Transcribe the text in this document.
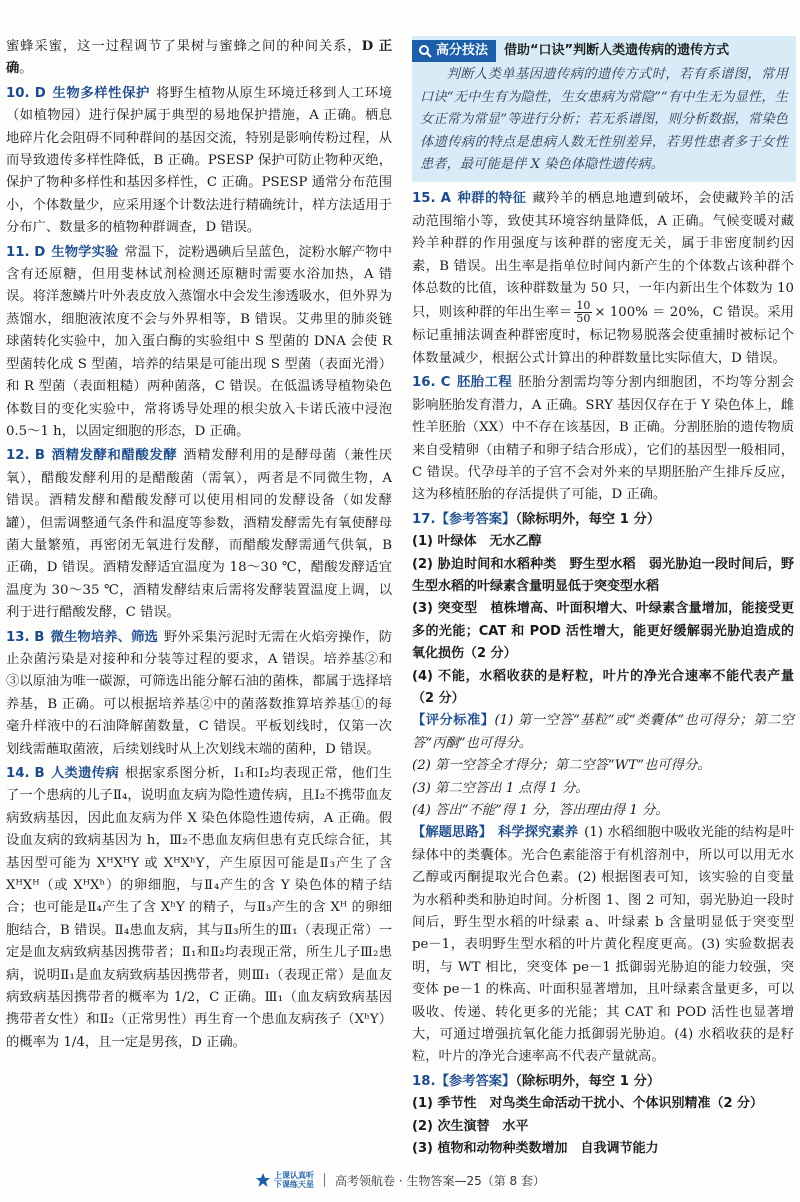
蜜蜂采蜜，这一过程调节了果树与蜜蜂之间的种间关系，D 正确。

10. D 生物多样性保护 将野生植物从原生环境迁移到人工环境（如植物园）进行保护属于典型的易地保护措施，A 正确。栖息地碎片化会阻碍不同种群间的基因交流，特别是影响传粉过程，从而导致遗传多样性降低，B 正确。PSESP 保护可防止物种灭绝，保护了物种多样性和基因多样性，C 正确。PSESP 通常分布范围小，个体数量少，应采用逐个计数法进行精确统计，样方法适用于分布广、数量多的植物种群调查，D 错误。

11. D 生物学实验 常温下，淀粉遇碘后呈蓝色，淀粉水解产物中含有还原糖，但用斐林试剂检测还原糖时需要水浴加热，A 错误。将洋葱鳞片叶外表皮放入蒸馏水中会发生渗透吸水，但外界为蒸馏水，细胞液浓度不会与外界相等，B 错误。艾弗里的肺炎链球菌转化实验中，加入蛋白酶的实验组中 S 型菌的 DNA 会使 R 型菌转化成 S 型菌，培养的结果是可能出现 S 型菌（表面光滑）和 R 型菌（表面粗糙）两种菌落，C 错误。在低温诱导植物染色体数目的变化实验中，常将诱导处理的根尖放入卡诺氏液中浸泡 0.5～1 h，以固定细胞的形态，D 正确。

12. B 酒精发酵和醋酸发酵 酒精发酵利用的是酵母菌（兼性厌氧），醋酸发酵利用的是醋酸菌（需氧），两者是不同微生物，A 错误。酒精发酵和醋酸发酵可以使用相同的发酵设备（如发酵罐），但需调整通气条件和温度等参数，酒精发酵需先有氧使酵母菌大量繁殖，再密闭无氧进行发酵，而醋酸发酵需通气供氧，B 正确，D 错误。酒精发酵适宜温度为 18～30 ℃，醋酸发酵适宜温度为 30～35 ℃，酒精发酵结束后需将发酵装置温度上调，以利于进行醋酸发酵，C 错误。

13. B 微生物培养、筛选 野外采集污泥时无需在火焰旁操作，防止杂菌污染是对接种和分装等过程的要求，A 错误。培养基②和③以原油为唯一碳源，可筛选出能分解石油的菌株，都属于选择培养基，B 正确。可以根据培养基②中的菌落数推算培养基①的每毫升样液中的石油降解菌数量，C 错误。平板划线时，仅第一次划线需蘸取菌液，后续划线时从上次划线末端的菌种，D 错误。

14. B 人类遗传病 根据家系图分析，Ⅰ₁和Ⅰ₂均表现正常，他们生了一个患病的儿子Ⅱ₄，说明血友病为隐性遗传病，且Ⅰ₂不携带血友病致病基因，因此血友病为伴 X 染色体隐性遗传病，A 正确。假设血友病的致病基因为 h，Ⅲ₂不患血友病但患有克氏综合征，其基因型可能为 XᴴXᴴY 或 XᴴXʰY，产生原因可能是Ⅱ₃产生了含 XᴴXᴴ（或 XᴴXʰ）的卵细胞，与Ⅱ₄产生的含 Y 染色体的精子结合；也可能是Ⅱ₄产生了含 XʰY 的精子，与Ⅱ₃产生的含 Xᴴ 的卵细胞结合，B 错误。Ⅱ₄患血友病，其与Ⅱ₃所生的Ⅲ₁（表现正常）一定是血友病致病基因携带者；Ⅱ₁和Ⅱ₂均表现正常，所生儿子Ⅲ₂患病，说明Ⅱ₁是血友病致病基因携带者，则Ⅲ₁（表现正常）是血友病致病基因携带者的概率为 1/2，C 正确。Ⅲ₁（血友病致病基因携带者女性）和Ⅱ₂（正常男性）再生育一个患血友病孩子（XʰY）的概率为 1/4，且一定是男孩，D 正确。

高分技法 借助“口诀”判断人类遗传病的遗传方式

判断人类单基因遗传病的遗传方式时，若有系谱图，常用口诀“无中生有为隐性，生女患病为常隐”“有中生无为显性，生女正常为常显”等进行分析；若无系谱图，则分析数据，常染色体遗传病的特点是患病人数无性别差异，若男性患者多于女性患者，最可能是伴 X 染色体隐性遗传病。

15. A 种群的特征 藏羚羊的栖息地遭到破坏，会使藏羚羊的活动范围缩小等，致使其环境容纳量降低，A 正确。气候变暖对藏羚羊种群的作用强度与该种群的密度无关，属于非密度制约因素，B 错误。出生率是指单位时间内新产生的个体数占该种群个体总数的比值，该种群数量为 50 只，一年内新出生个体数为 10 只，则该种群的年出生率＝ $\frac{10}{50} \times 100\% = 20\%$，C 错误。采用标记重捕法调查种群密度时，标记物易脱落会使重捕时被标记个体数量减少，根据公式计算出的种群数量比实际值大，D 错误。

16. C 胚胎工程 胚胎分割需均等分割内细胞团，不均等分割会影响胚胎发育潜力，A 正确。SRY 基因仅存在于 Y 染色体上，雌性羊胚胎（XX）中不存在该基因，B 正确。分割胚胎的遗传物质来自受精卵（由精子和卵子结合形成），它们的基因型一般相同，C 错误。代孕母羊的子宫不会对外来的早期胚胎产生排斥反应，这为移植胚胎的存活提供了可能，D 正确。

17.【参考答案】（除标明外，每空 1 分）

(1) 叶绿体　无水乙醇

(2) 胁迫时间和水稻种类　野生型水稻　弱光胁迫一段时间后，野生型水稻的叶绿素含量明显低于突变型水稻

(3) 突变型　植株增高、叶面积增大、叶绿素含量增加，能接受更多的光能；CAT 和 POD 活性增大，能更好缓解弱光胁迫造成的氧化损伤（2 分）

(4) 不能，水稻收获的是籽粒，叶片的净光合速率不能代表产量（2 分）

【评分标准】(1) 第一空答“基粒”或“类囊体”也可得分；第二空答“丙酮”也可得分。

(2) 第一空答全才得分；第二空答“WT”也可得分。

(3) 第二空答出 1 点得 1 分。

(4) 答出“不能”得 1 分，答出理由得 1 分。

【解题思路】 科学探究素养 (1) 水稻细胞中吸收光能的结构是叶绿体中的类囊体。光合色素能溶于有机溶剂中，所以可以用无水乙醇或丙酮提取光合色素。(2) 根据图表可知，该实验的自变量为水稻种类和胁迫时间。分析图 1、图 2 可知，弱光胁迫一段时间后，野生型水稻的叶绿素 a、叶绿素 b 含量明显低于突变型 pe－1，表明野生型水稻的叶片黄化程度更高。(3) 实验数据表明，与 WT 相比，突变体 pe－1 抵御弱光胁迫的能力较强，突变体 pe－1 的株高、叶面积显著增加，且叶绿素含量更多，可以吸收、传递、转化更多的光能；其 CAT 和 POD 活性也显著增大，可通过增强抗氧化能力抵御弱光胁迫。(4) 水稻收获的是籽粒，叶片的净光合速率高不代表产量就高。

18.【参考答案】（除标明外，每空 1 分）

(1) 季节性　对鸟类生命活动干扰小、个体识别精准（2 分）

(2) 次生演替　水平

(3) 植物和动物种类数增加　自我调节能力

上课认真听
下课练天星 高考领航卷 · 生物答案—25（第 8 套）
